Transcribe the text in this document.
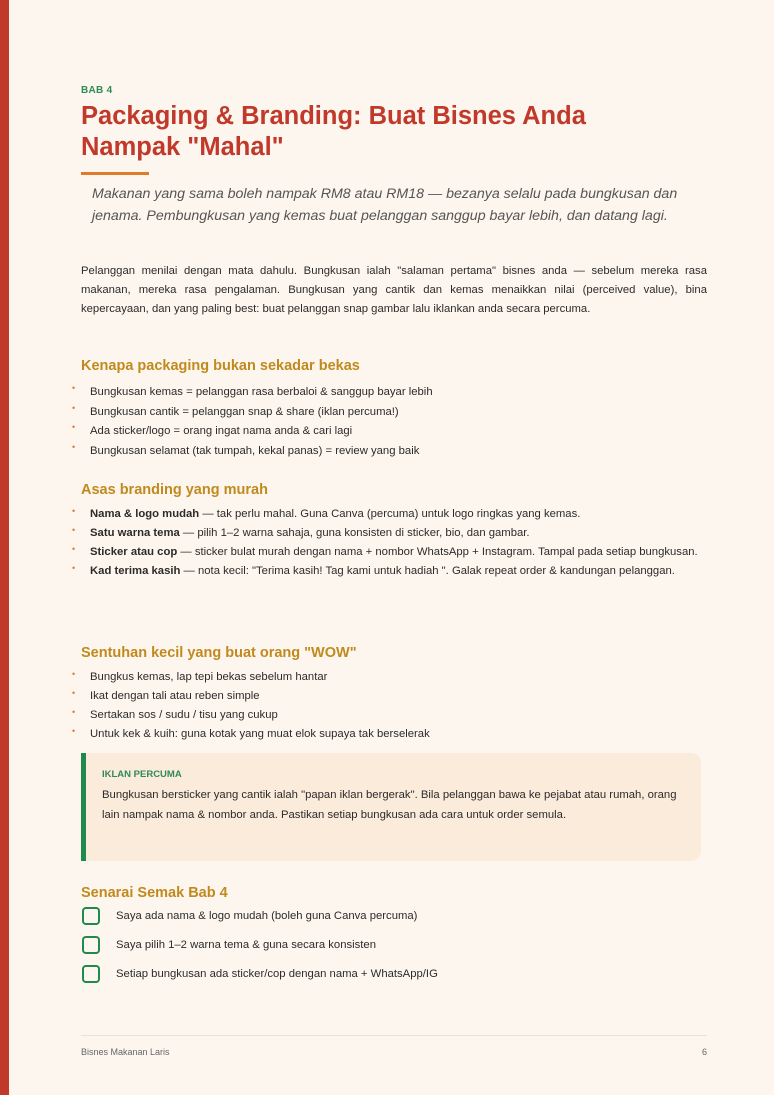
BAB 4
Packaging & Branding: Buat Bisnes Anda Nampak "Mahal"

Makanan yang sama boleh nampak RM8 atau RM18 — bezanya selalu pada bungkusan dan jenama. Pembungkusan yang kemas buat pelanggan sanggup bayar lebih, dan datang lagi.

Pelanggan menilai dengan mata dahulu. Bungkusan ialah "salaman pertama" bisnes anda — sebelum mereka rasa makanan, mereka rasa pengalaman. Bungkusan yang cantik dan kemas menaikkan nilai (perceived value), bina kepercayaan, dan yang paling best: buat pelanggan snap gambar lalu iklankan anda secara percuma.

Kenapa packaging bukan sekadar bekas
• Bungkusan kemas = pelanggan rasa berbaloi & sanggup bayar lebih
• Bungkusan cantik = pelanggan snap & share (iklan percuma!)
• Ada sticker/logo = orang ingat nama anda & cari lagi
• Bungkusan selamat (tak tumpah, kekal panas) = review yang baik
Asas branding yang murah
• Nama & logo mudah — tak perlu mahal. Guna Canva (percuma) untuk logo ringkas yang kemas.
• Satu warna tema — pilih 1–2 warna sahaja, guna konsisten di sticker, bio, dan gambar.
• Sticker atau cop — sticker bulat murah dengan nama + nombor WhatsApp + Instagram. Tampal pada setiap bungkusan.
• Kad terima kasih — nota kecil: "Terima kasih! Tag kami untuk hadiah ". Galak repeat order & kandungan pelanggan.
Sentuhan kecil yang buat orang "WOW"
• Bungkus kemas, lap tepi bekas sebelum hantar
• Ikat dengan tali atau reben simple
• Sertakan sos / sudu / tisu yang cukup
• Untuk kek & kuih: guna kotak yang muat elok supaya tak berselerak
IKLAN PERCUMA

Bungkusan bersticker yang cantik ialah "papan iklan bergerak". Bila pelanggan bawa ke pejabat atau rumah, orang lain nampak nama & nombor anda. Pastikan setiap bungkusan ada cara untuk order semula.

Senarai Semak Bab 4
Saya ada nama & logo mudah (boleh guna Canva percuma)
Saya pilih 1–2 warna tema & guna secara konsisten
Setiap bungkusan ada sticker/cop dengan nama + WhatsApp/IG
Bisnes Makanan Laris	6
